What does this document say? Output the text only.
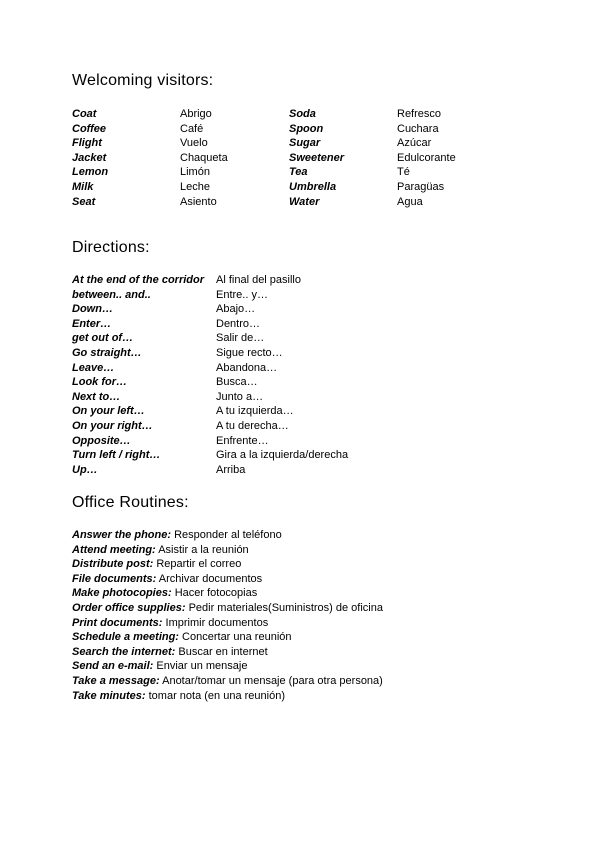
Welcoming visitors:
Coat
Coffee
Flight
Jacket
Lemon
Milk
Seat
Abrigo
Café
Vuelo
Chaqueta
Limón
Leche
Asiento
Soda
Spoon
Sugar
Sweetener
Tea
Umbrella
Water
Refresco
Cuchara
Azúcar
Edulcorante
Té
Paragüas
Agua
Directions:
At the end of the corridor
between.. and..
Down…
Enter…
get out of…
Go straight…
Leave…
Look for…
Next to…
On your left…
On your right…
Opposite…
Turn left / right…
Up…
Al final del pasillo
Entre.. y…
Abajo…
Dentro…
Salir de…
Sigue recto…
Abandona…
Busca…
Junto a…
A tu izquierda…
A tu derecha…
Enfrente…
Gira a la izquierda/derecha
Arriba
Office Routines:
Answer the phone: Responder al teléfono
Attend meeting: Asistir a la reunión
Distribute post: Repartir el correo
File documents: Archivar documentos
Make photocopies: Hacer fotocopias
Order office supplies: Pedir materiales(Suministros) de oficina
Print documents: Imprimir documentos
Schedule a meeting: Concertar una reunión
Search the internet: Buscar en internet
Send an e-mail: Enviar un mensaje
Take a message: Anotar/tomar un mensaje (para otra persona)
Take minutes: tomar nota (en una reunión)
